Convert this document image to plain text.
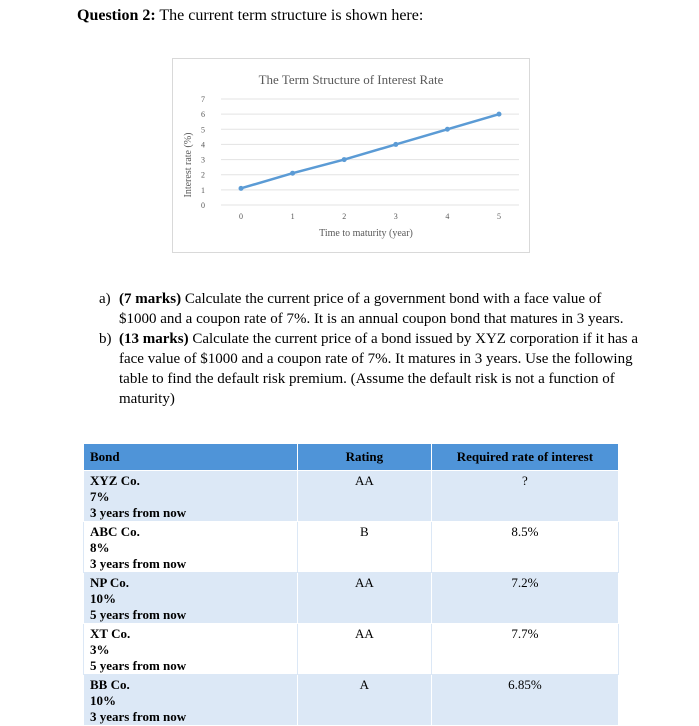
Question 2: The current term structure is shown here:
The Term Structure of Interest Rate
Time to maturity (year)
Interest rate (%)
0
1
2
3
4
5
6
7
0	1	2	3	4	5
a) (7 marks) Calculate the current price of a government bond with a face value of $1000 and a coupon rate of 7%. It is an annual coupon bond that matures in 3 years.
b) (13 marks) Calculate the current price of a bond issued by XYZ corporation if it has a face value of $1000 and a coupon rate of 7%. It matures in 3 years. Use the following table to find the default risk premium. (Assume the default risk is not a function of maturity)
Bond	Rating	Required rate of interest

XYZ Co.
7%
3 years from now	AA	?

ABC Co.
8%
3 years from now	B	8.5%

NP Co.
10%
5 years from now	AA	7.2%

XT Co.
3%
5 years from now	AA	7.7%

BB Co.
10%
3 years from now	A	6.85%
